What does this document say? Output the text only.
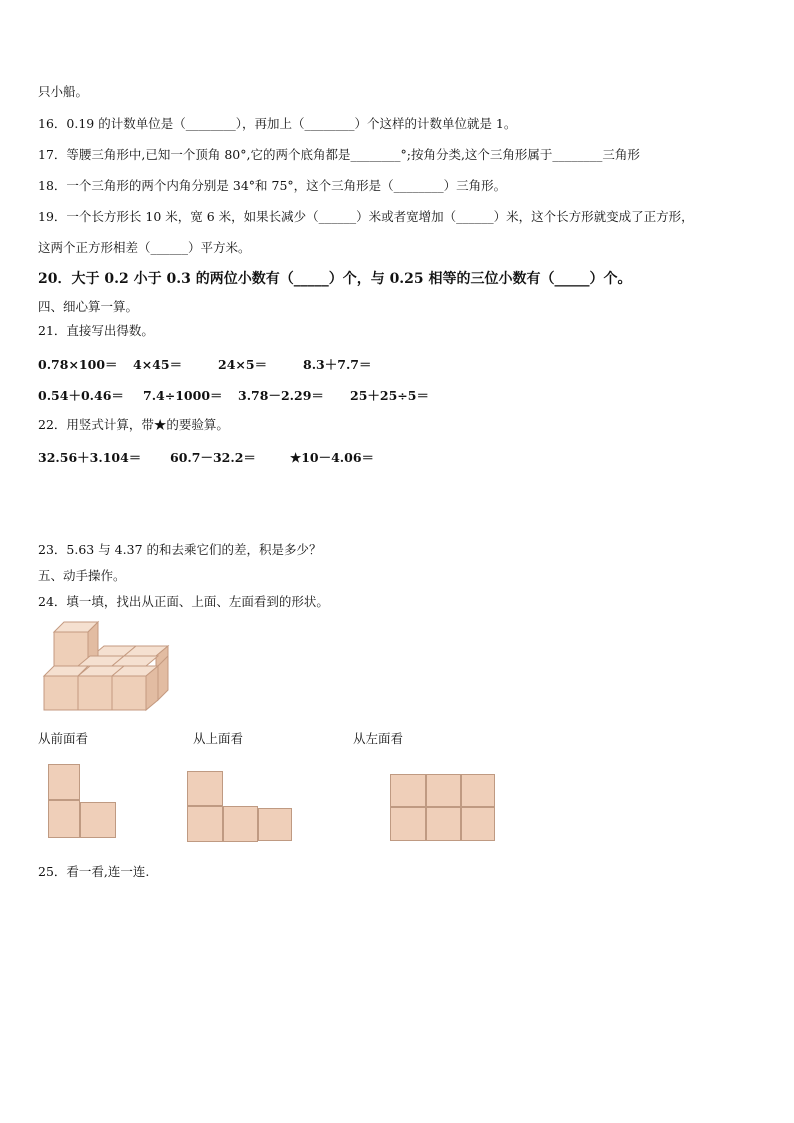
只小船。
16．0.19 的计数单位是（________），再加上（________）个这样的计数单位就是 1。
17．等腰三角形中,已知一个顶角 80°,它的两个底角都是________°;按角分类,这个三角形属于________三角形
18．一个三角形的两个内角分别是 34°和 75°，这个三角形是（________）三角形。
19．一个长方形长 10 米，宽 6 米，如果长减少（______）米或者宽增加（______）米，这个长方形就变成了正方形，
这两个正方形相差（______）平方米。
20．大于 0.2 小于 0.3 的两位小数有（_____）个，与 0.25 相等的三位小数有（_____）个。
四、细心算一算。
21．直接写出得数。
0.78×100＝ 4×45＝	24×5＝	8.3＋7.7＝
0.54＋0.46＝ 7.4÷1000＝ 3.78－2.29＝ 25＋25÷5＝
22．用竖式计算，带★的要验算。
32.56＋3.104＝ 60.7－32.2＝	★10－4.06＝
23．5.63 与 4.37 的和去乘它们的差，积是多少？
五、动手操作。
24．填一填，找出从正面、上面、左面看到的形状。
从前面看	从上面看	从左面看
25．看一看,连一连.
